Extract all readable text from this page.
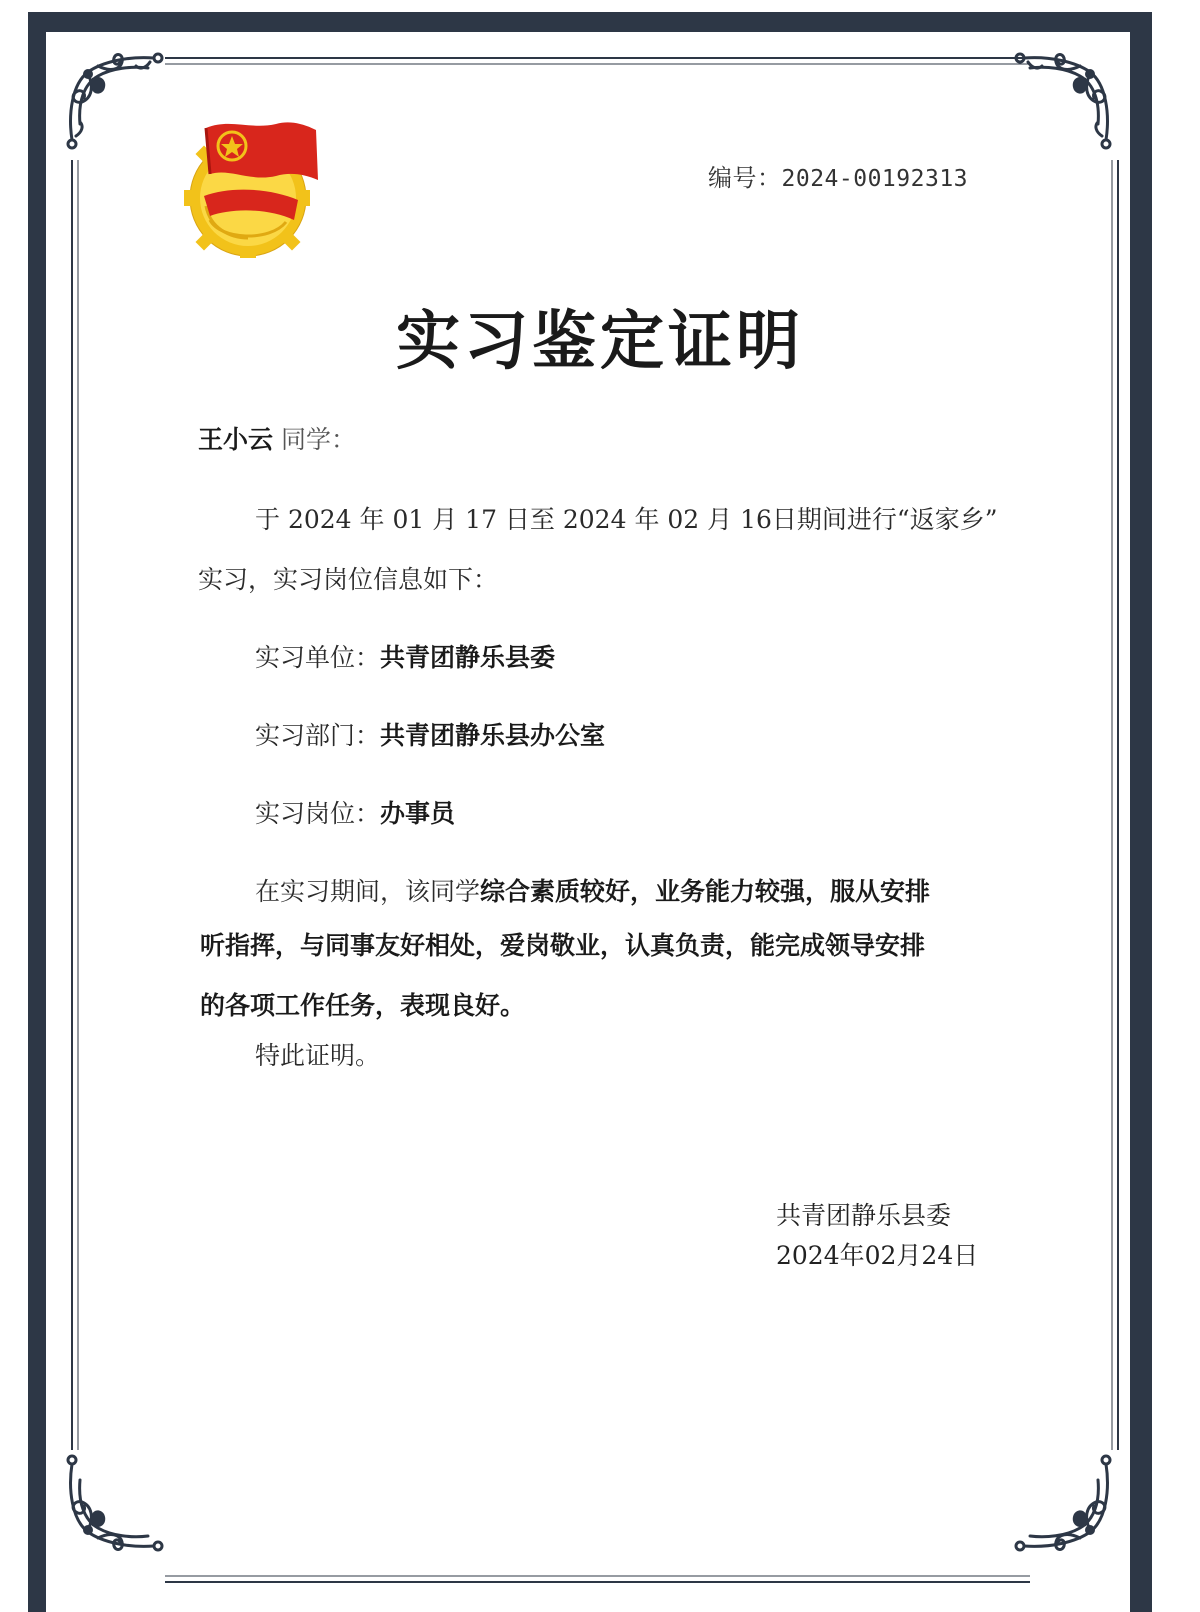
编号：2024-00192313
实习鉴定证明
王小云 同学：
于 2024 年 01 月 17 日至 2024 年 02 月 16日期间进行“返家乡”
实习，实习岗位信息如下：
实习单位：共青团静乐县委
实习部门：共青团静乐县办公室
实习岗位：办事员
在实习期间，该同学综合素质较好，业务能力较强，服从安排
听指挥，与同事友好相处，爱岗敬业，认真负责，能完成领导安排
的各项工作任务，表现良好。
特此证明。
共青团静乐县委
2024年02月24日
